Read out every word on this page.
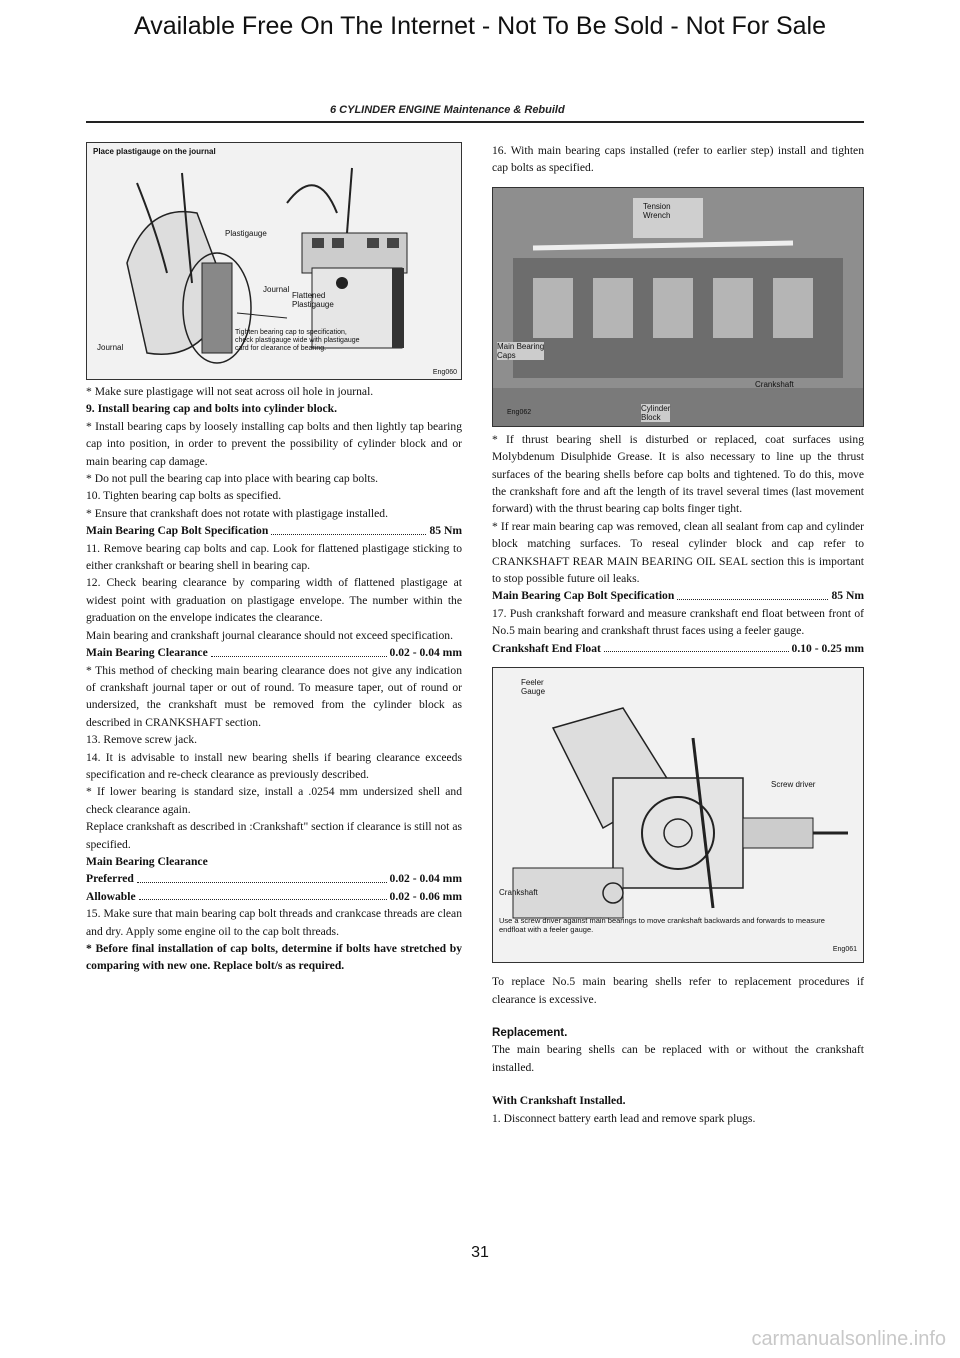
Available Free On The Internet - Not To Be Sold - Not For Sale
6 CYLINDER ENGINE Maintenance & Rebuild
Place plastigauge on the journal
Plastigauge
Journal
Flattened
Plastigauge
Journal
Tighten bearing cap to specification,
check plastigauge wide with plastigauge
card for clearance of bearing.
Eng060

* Make sure plastigage will not seat across oil hole in journal.

9. Install bearing cap and bolts into cylinder block.

* Install bearing caps by loosely installing cap bolts and then lightly tap bearing cap into position, in order to prevent the possibility of cylinder block and or main bearing cap damage.

* Do not pull the bearing cap into place with bearing cap bolts.

10. Tighten bearing cap bolts as specified.

* Ensure that crankshaft does not rotate with plastigage installed.

Main Bearing Cap Bolt Specification	85 Nm

11. Remove bearing cap bolts and cap. Look for flattened plastigage sticking to either crankshaft or bearing shell in bearing cap.

12. Check bearing clearance by comparing width of flattened plastigage at widest point with graduation on plastigage envelope. The number within the graduation on the envelope indicates the clearance.

Main bearing and crankshaft journal clearance should not exceed specification.

Main Bearing Clearance	0.02 - 0.04 mm

* This method of checking main bearing clearance does not give any indication of crankshaft journal taper or out of round. To measure taper, out of round or undersized, the crankshaft must be removed from the cylinder block as described in CRANKSHAFT section.

13. Remove screw jack.

14. It is advisable to install new bearing shells if bearing clearance exceeds specification and re-check clearance as previously described.

* If lower bearing is standard size, install a .0254 mm undersized shell and check clearance again.

Replace crankshaft as described in :Crankshaft" section if clearance is still not as specified.

Main Bearing Clearance

Preferred	0.02 - 0.04 mm
Allowable	0.02 - 0.06 mm

15. Make sure that main bearing cap bolt threads and crankcase threads are clean and dry. Apply some engine oil to the cap bolt threads.

* Before final installation of cap bolts, determine if bolts have stretched by comparing with new one. Replace bolt/s as required.

16. With main bearing caps installed (refer to earlier step) install and tighten cap bolts as specified.

Tension
Wrench
Main Bearing
Caps
Crankshaft
Cylinder
Block
Eng062

* If thrust bearing shell is disturbed or replaced, coat surfaces using Molybdenum Disulphide Grease. It is also necessary to line up the thrust surfaces of the bearing shells before cap bolts and tightened. To do this, move the crankshaft fore and aft the length of its travel several times (last movement forward) with the thrust bearing cap bolts finger tight.

* If rear main bearing cap was removed, clean all sealant from cap and cylinder block matching surfaces. To reseal cylinder block and cap refer to CRANKSHAFT REAR MAIN BEARING OIL SEAL section this is important to stop possible future oil leaks.

Main Bearing Cap Bolt Specification	85 Nm

17. Push crankshaft forward and measure crankshaft end float between front of No.5 main bearing and crankshaft thrust faces using a feeler gauge.

Crankshaft End Float	0.10 - 0.25 mm
Feeler
Gauge
Screw driver
Crankshaft
Use a screw driver against main bearings to move crankshaft backwards and forwards to measure endfloat with a feeler gauge.
Eng061

To replace No.5 main bearing shells refer to replacement procedures if clearance is excessive.

Replacement.

The main bearing shells can be replaced with or without the crankshaft installed.

With Crankshaft Installed.

1. Disconnect battery earth lead and remove spark plugs.

31
carmanualsonline.info
